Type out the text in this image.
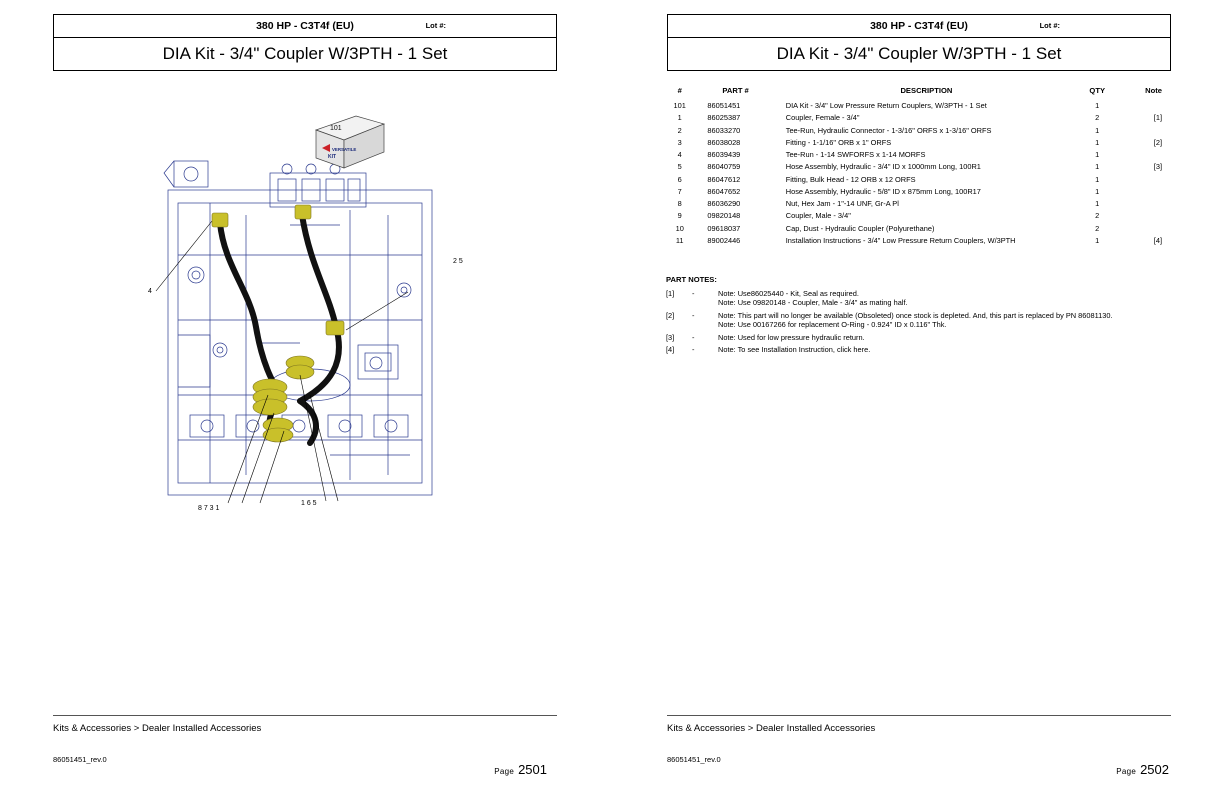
380 HP - C3T4f (EU)	Lot #:
DIA Kit - 3/4" Coupler W/3PTH - 1 Set
101
VERSATILE
KIT
2 5
4
8 7 3 1
1 6 5
Kits & Accessories > Dealer Installed Accessories
86051451_rev.0
Page 2501
380 HP - C3T4f (EU)	Lot #:
DIA Kit - 3/4" Coupler W/3PTH - 1 Set
Kits & Accessories > Dealer Installed Accessories
86051451_rev.0
Page 2502
#	PART #	DESCRIPTION	QTY	Note
101	86051451	DIA Kit - 3/4" Low Pressure Return Couplers, W/3PTH - 1 Set	1	
1	86025387	Coupler, Female - 3/4"	2	[1]
2	86033270	Tee-Run, Hydraulic Connector - 1-3/16" ORFS x 1-3/16" ORFS	1	
3	86038028	Fitting - 1-1/16" ORB x 1" ORFS	1	[2]
4	86039439	Tee-Run - 1-14 SWFORFS x 1-14 MORFS	1	
5	86040759	Hose Assembly, Hydraulic - 3/4" ID x 1000mm Long, 100R1	1	[3]
6	86047612	Fitting, Bulk Head - 12 ORB x 12 ORFS	1	
7	86047652	Hose Assembly, Hydraulic - 5/8" ID x 875mm Long, 100R17	1	
8	86036290	Nut, Hex Jam - 1"-14 UNF, Gr-A Pl	1	
9	09820148	Coupler, Male - 3/4"	2	
10	09618037	Cap, Dust - Hydraulic Coupler (Polyurethane)	2	
11	89002446	Installation Instructions - 3/4" Low Pressure Return Couplers, W/3PTH	1	[4]
PART NOTES:
[1]	-	Note: Use86025440 - Kit, Seal as required.
Note: Use 09820148 - Coupler, Male - 3/4" as mating half.
[2]	-	Note: This part will no longer be available (Obsoleted) once stock is depleted. And, this part is replaced by PN 86081130.
Note: Use 00167266 for replacement O-Ring - 0.924" ID x 0.116" Thk.
[3]	-	Note: Used for low pressure hydraulic return.
[4]	-	Note: To see Installation Instruction, click here.
